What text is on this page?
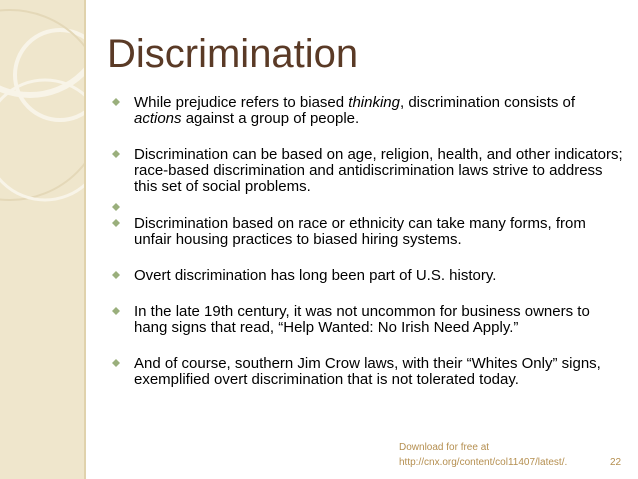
Discrimination
While prejudice refers to biased thinking, discrimination consists of actions against a group of people.
Discrimination can be based on age, religion, health, and other indicators; race-based discrimination and antidiscrimination laws strive to address this set of social problems.
Discrimination based on race or ethnicity can take many forms, from unfair housing practices to biased hiring systems.
Overt discrimination has long been part of U.S. history.
In the late 19th century, it was not uncommon for business owners to hang signs that read, “Help Wanted: No Irish Need Apply.”
And of course, southern Jim Crow laws, with their “Whites Only” signs, exemplified overt discrimination that is not tolerated today.
Download for free at
http://cnx.org/content/col11407/latest/.	22
